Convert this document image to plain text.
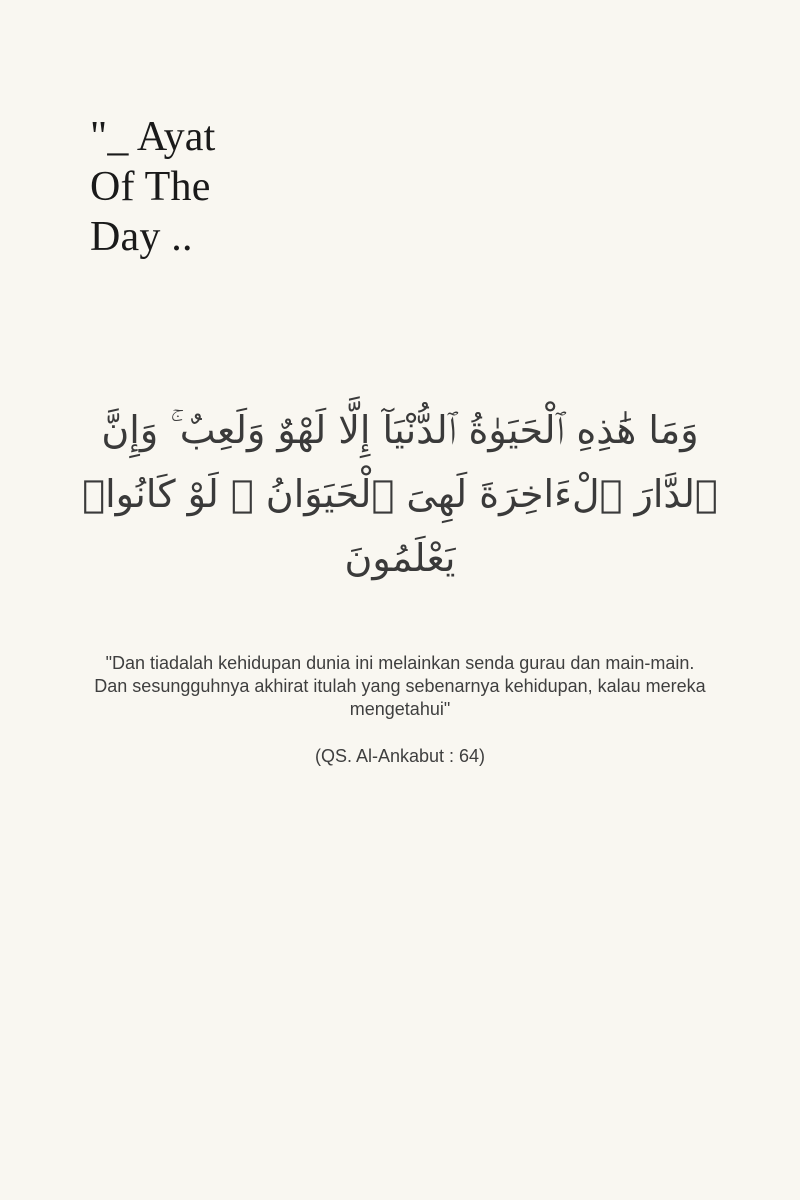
"_ Ayat
Of The
Day ..
وَمَا هَٰذِهِ ٱلْحَيَوٰةُ ٱلدُّنْيَآ إِلَّا لَهْوٌ وَلَعِبٌ ۚ وَإِنَّ
ٱلدَّارَ ٱلْءَاخِرَةَ لَهِىَ ٱلْحَيَوَانُ ۚ لَوْ كَانُوا۟
يَعْلَمُونَ
"Dan tiadalah kehidupan dunia ini melainkan senda gurau dan main-main.
Dan sesungguhnya akhirat itulah yang sebenarnya kehidupan, kalau mereka
mengetahui"
(QS. Al-Ankabut : 64)
